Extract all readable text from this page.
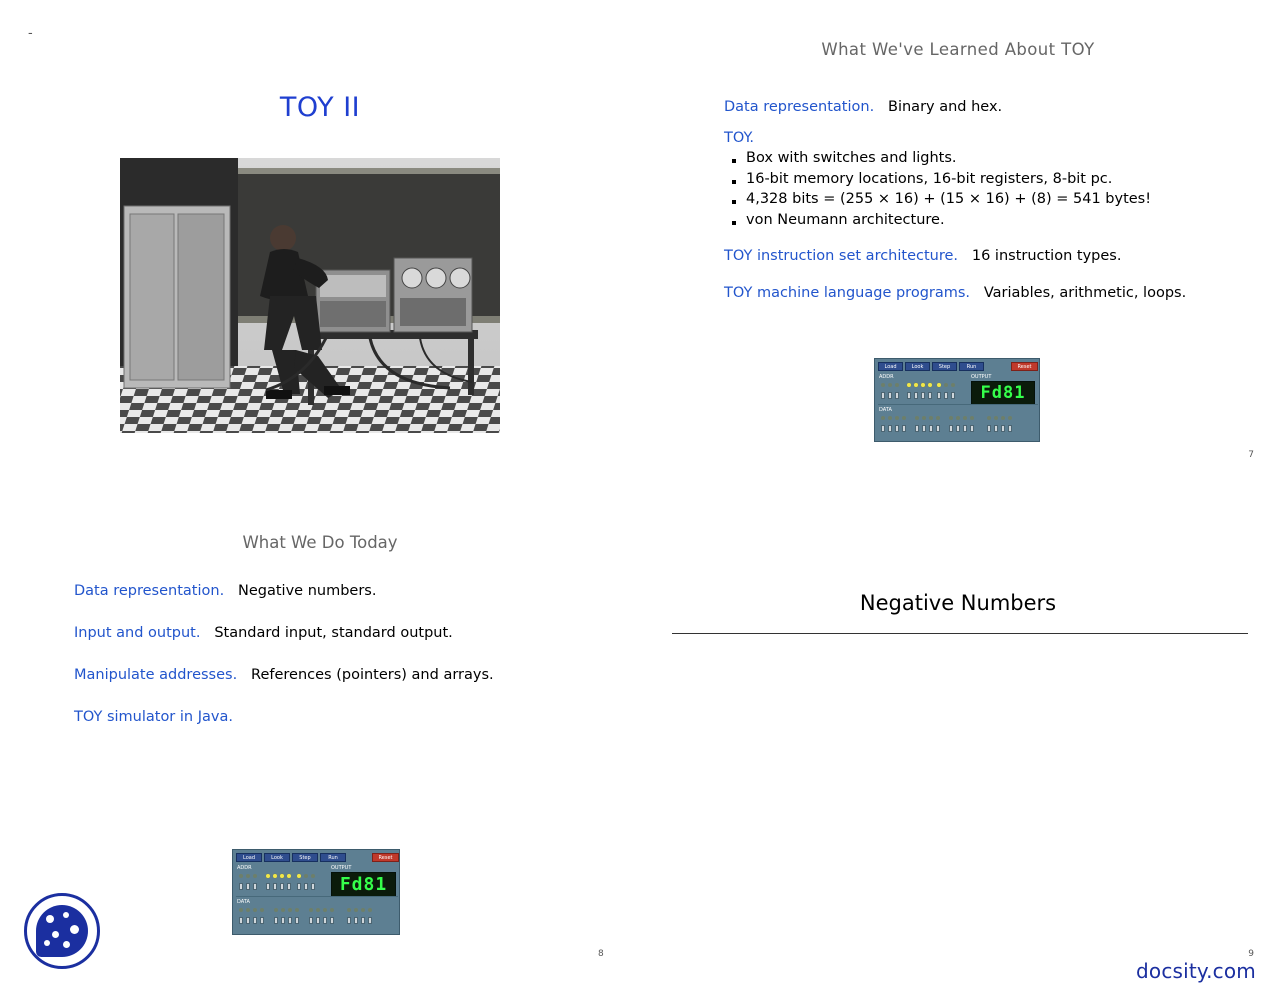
-
TOY II
What We've Learned About TOY
Data representation. Binary and hex.
TOY.
Box with switches and lights.
16-bit memory locations, 16-bit registers, 8-bit pc.
4,328 bits = (255 × 16) + (15 × 16) + (8) = 541 bytes!
von Neumann architecture.
TOY instruction set architecture. 16 instruction types.
TOY machine language programs. Variables, arithmetic, loops.
Load	Look	Step	Run	Reset
ADDR	OUTPUT
DATA
Fd81
7
What We Do Today
Data representation. Negative numbers.
Input and output. Standard input, standard output.
Manipulate addresses. References (pointers) and arrays.
TOY simulator in Java.
Load	Look	Step	Run	Reset
ADDR	OUTPUT
DATA
Fd81
8
Negative Numbers
9
docsity.com
